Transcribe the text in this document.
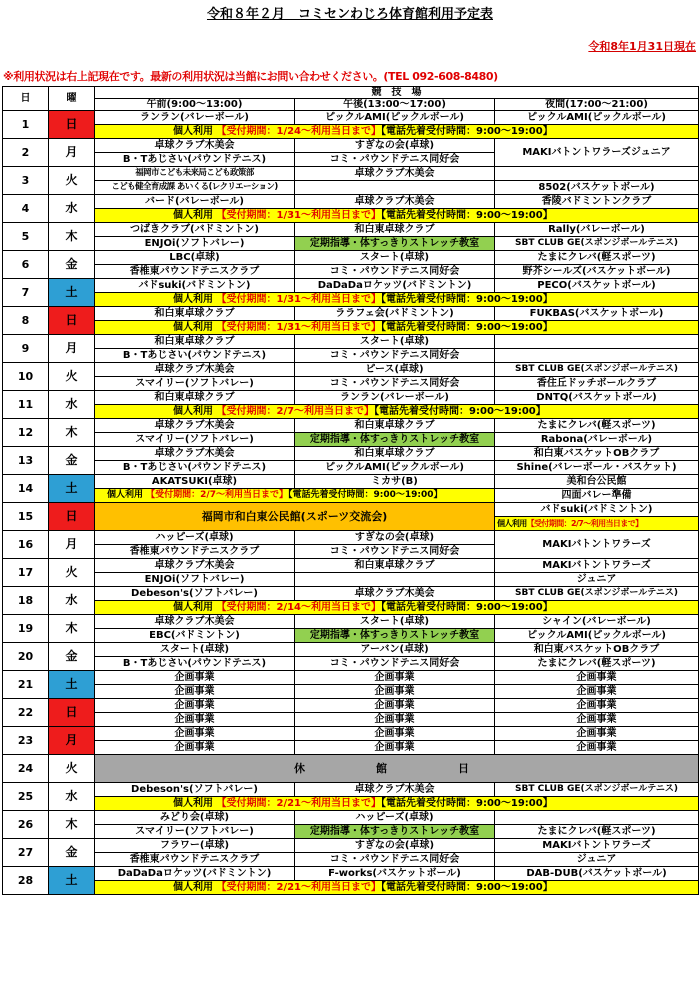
令和８年２月　コミセンわじろ体育館利用予定表
令和8年1月31日現在
※利用状況は右上記現在です。最新の利用状況は当館にお問い合わせください。(TEL 092-608-8480)
日	曜	競　技　場		
		午前(9:00～13:00)	午後(13:00～17:00)	夜間(17:00～21:00)
1	日	ランラン(バレーボール)	ピックルAMI(ピックルボール)	ピックルAMI(ピックルボール)
		個人利用 【受付期間：1/24～利用当日まで】【電話先着受付時間：9:00～19:00】		
2	月	卓球クラブ木美会	すぎなの会(卓球)	MAKIバトントワラーズジュニア
		B・Tあじさい(パウンドテニス)	コミ・パウンドテニス同好会	
3	火	福岡市こども未来局こども政策部	卓球クラブ木美会	
		こども健全育成課 あいくる(レクリエーション)		8502(バスケットボール)
4	水	バード(バレーボール)	卓球クラブ木美会	香陵バドミントンクラブ
		個人利用 【受付期間：1/31～利用当日まで】【電話先着受付時間：9:00～19:00】		
5	木	つばきクラブ(バドミントン)	和白東卓球クラブ	Rally(バレーボール)
		ENJOi(ソフトバレー)	定期指導・体すっきりストレッチ教室	SBT CLUB GE(スポンジボールテニス)
6	金	LBC(卓球)	スタート(卓球)	たまにクレバ(軽スポーツ)
		香椎東パウンドテニスクラブ	コミ・パウンドテニス同好会	野芥シールズ(バスケットボール)
7	土	バドsuki(バドミントン)	DaDaDaロケッツ(バドミントン)	PECO(バスケットボール)
		個人利用 【受付期間：1/31～利用当日まで】【電話先着受付時間：9:00～19:00】		
8	日	和白東卓球クラブ	ララフェ会(バドミントン)	FUKBAS(バスケットボール)
		個人利用 【受付期間：1/31～利用当日まで】【電話先着受付時間：9:00～19:00】		
9	月	和白東卓球クラブ	スタート(卓球)	
		B・Tあじさい(パウンドテニス)	コミ・パウンドテニス同好会	
10	火	卓球クラブ木美会	ピース(卓球)	SBT CLUB GE(スポンジボールテニス)
		スマイリー(ソフトバレー)	コミ・パウンドテニス同好会	香住丘ドッチボールクラブ
11	水	和白東卓球クラブ	ランラン(バレーボール)	DNTQ(バスケットボール)
		個人利用 【受付期間：2/7～利用当日まで】【電話先着受付時間：9:00～19:00】		
12	木	卓球クラブ木美会	和白東卓球クラブ	たまにクレバ(軽スポーツ)
		スマイリー(ソフトバレー)	定期指導・体すっきりストレッチ教室	Rabona(バレーボール)
13	金	卓球クラブ木美会	和白東卓球クラブ	和白東バスケットOBクラブ
		B・Tあじさい(パウンドテニス)	ピックルAMI(ピックルボール)	Shine(バレーボール・バスケット)
14	土	AKATSUKI(卓球)	ミカサ(B)	美和台公民館
		個人利用 【受付期間：2/7～利用当日まで】【電話先着受付時間：9:00～19:00】		四面バレー準備
15	日	福岡市和白東公民館(スポーツ交流会)		バドsuki(バドミントン)
				個人利用【受付期間：2/7～利用当日まで】
16	月	ハッピーズ(卓球)	すぎなの会(卓球)	MAKIバトントワラーズ
		香椎東パウンドテニスクラブ	コミ・パウンドテニス同好会	
17	火	卓球クラブ木美会	和白東卓球クラブ	MAKIバトントワラーズ
		ENJOi(ソフトバレー)		ジュニア
18	水	Debeson's(ソフトバレー)	卓球クラブ木美会	SBT CLUB GE(スポンジボールテニス)
		個人利用 【受付期間：2/14～利用当日まで】【電話先着受付時間：9:00～19:00】		
19	木	卓球クラブ木美会	スタート(卓球)	シャイン(バレーボール)
		EBC(バドミントン)	定期指導・体すっきりストレッチ教室	ピックルAMI(ピックルボール)
20	金	スタート(卓球)	アーバン(卓球)	和白東バスケットOBクラブ
		B・Tあじさい(パウンドテニス)	コミ・パウンドテニス同好会	たまにクレバ(軽スポーツ)
21	土	企画事業	企画事業	企画事業
		企画事業	企画事業	企画事業
22	日	企画事業	企画事業	企画事業
		企画事業	企画事業	企画事業
23	月	企画事業	企画事業	企画事業
		企画事業	企画事業	企画事業
24	火	休　館　日		

25	水	Debeson's(ソフトバレー)	卓球クラブ木美会	SBT CLUB GE(スポンジボールテニス)
		個人利用 【受付期間：2/21～利用当日まで】【電話先着受付時間：9:00～19:00】		
26	木	みどり会(卓球)	ハッピーズ(卓球)	
		スマイリー(ソフトバレー)	定期指導・体すっきりストレッチ教室	たまにクレバ(軽スポーツ)
27	金	フラワー(卓球)	すぎなの会(卓球)	MAKIバトントワラーズ
		香椎東パウンドテニスクラブ	コミ・パウンドテニス同好会	ジュニア
28	土	DaDaDaロケッツ(バドミントン)	F-works(バスケットボール)	DAB-DUB(バスケットボール)
		個人利用 【受付期間：2/21～利用当日まで】【電話先着受付時間：9:00～19:00】		
